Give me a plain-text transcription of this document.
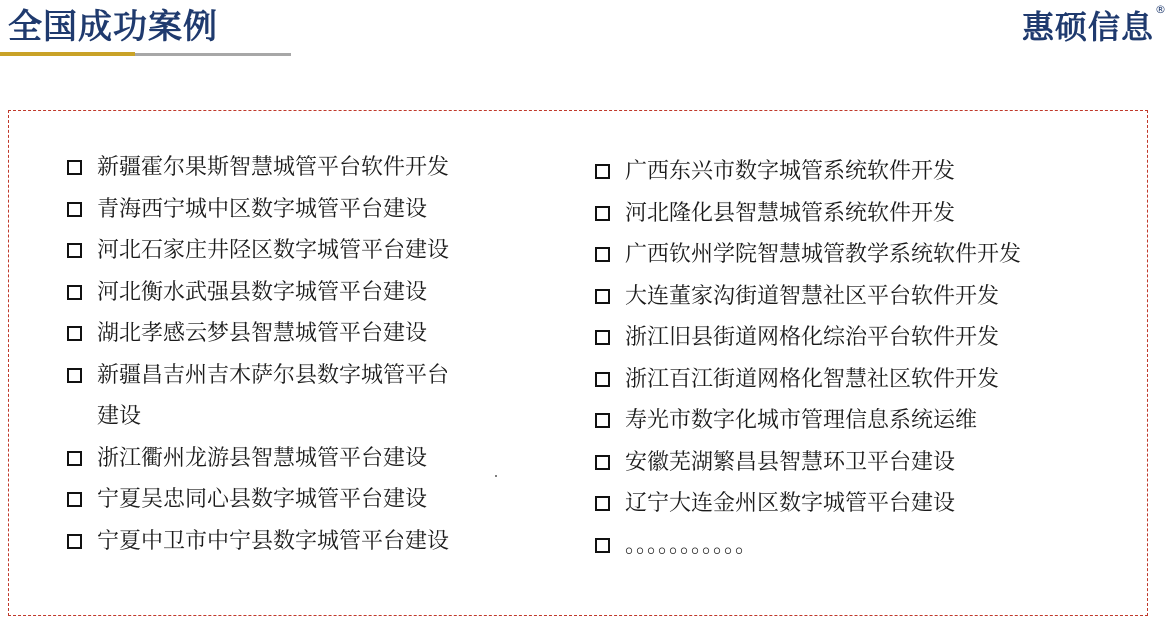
全国成功案例	惠硕信息 ®
新疆霍尔果斯智慧城管平台软件开发
青海西宁城中区数字城管平台建设
河北石家庄井陉区数字城管平台建设
河北衡水武强县数字城管平台建设
湖北孝感云梦县智慧城管平台建设
新疆昌吉州吉木萨尔县数字城管平台建设
浙江衢州龙游县智慧城管平台建设
宁夏吴忠同心县数字城管平台建设
宁夏中卫市中宁县数字城管平台建设
广西东兴市数字城管系统软件开发
河北隆化县智慧城管系统软件开发
广西钦州学院智慧城管教学系统软件开发
大连董家沟街道智慧社区平台软件开发
浙江旧县街道网格化综治平台软件开发
浙江百江街道网格化智慧社区软件开发
寿光市数字化城市管理信息系统运维
安徽芜湖繁昌县智慧环卫平台建设
辽宁大连金州区数字城管平台建设
。。。。。。。。。。。
